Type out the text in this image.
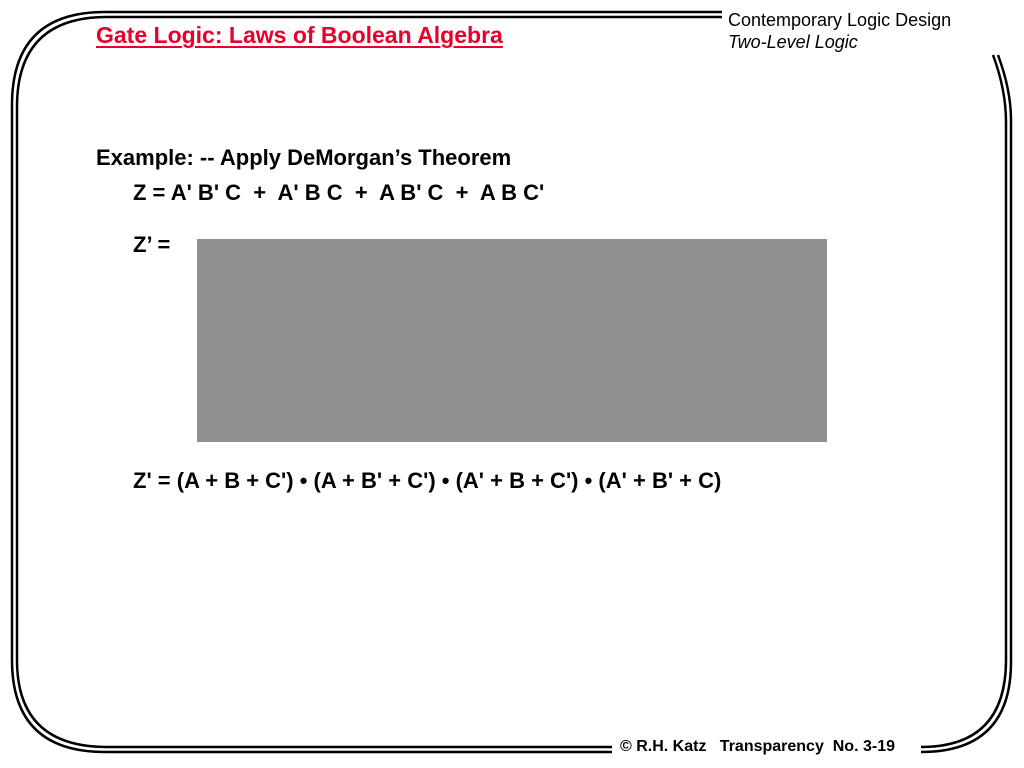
Gate Logic: Laws of Boolean Algebra
Contemporary Logic Design
Two-Level Logic
Example: -- Apply DeMorgan’s Theorem
Z = A' B' C  +  A' B C  +  A B' C  +  A B C'
Z’ =
Z' = (A + B + C') • (A + B' + C') • (A' + B + C') • (A' + B' + C)
© R.H. Katz   Transparency  No. 3-19
